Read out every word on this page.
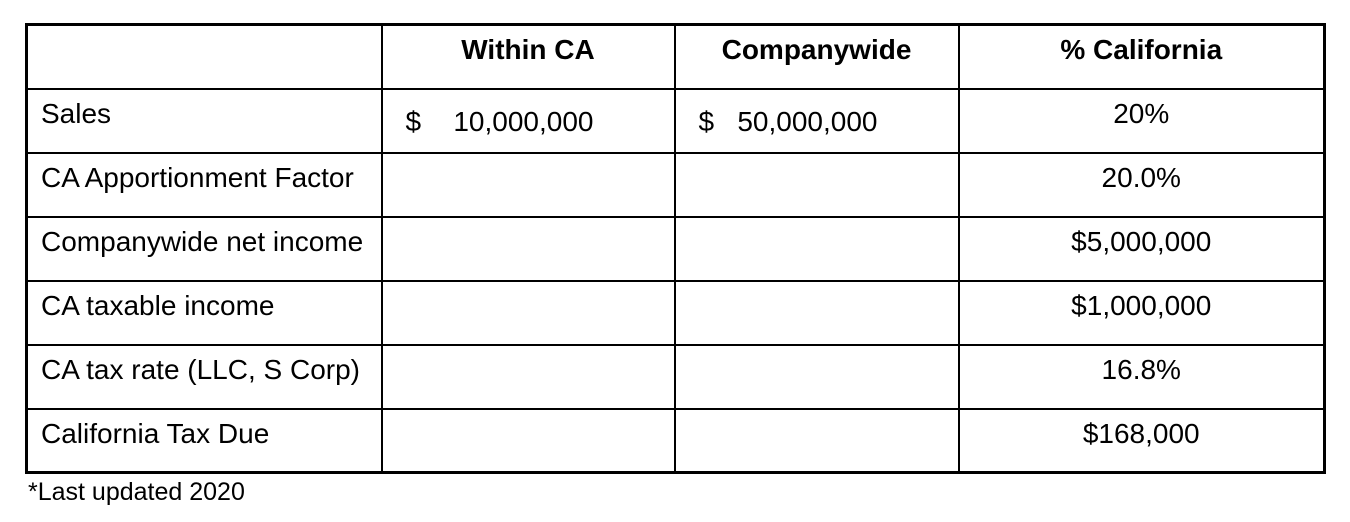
	Within CA	Companywide	% California
Sales	$ 10,000,000	$ 50,000,000	20%
CA Apportionment Factor			20.0%
Companywide net income			$5,000,000
CA taxable income			$1,000,000
CA tax rate (LLC, S Corp)			16.8%
California Tax Due			$168,000
*Last updated 2020
